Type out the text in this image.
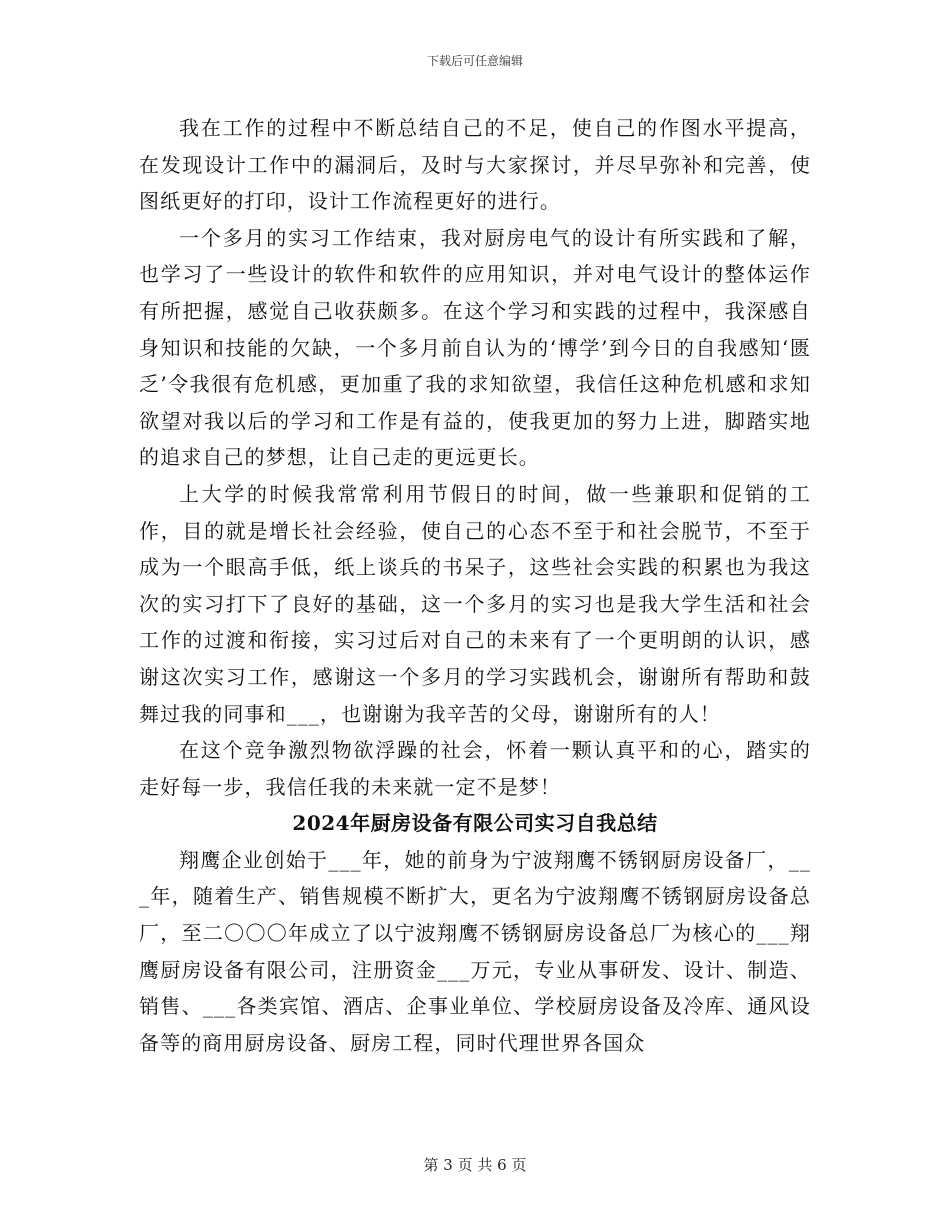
下载后可任意编辑

我在工作的过程中不断总结自己的不足，使自己的作图水平提高，在发现设计工作中的漏洞后，及时与大家探讨，并尽早弥补和完善，使图纸更好的打印，设计工作流程更好的进行。

一个多月的实习工作结束，我对厨房电气的设计有所实践和了解，也学习了一些设计的软件和软件的应用知识，并对电气设计的整体运作有所把握，感觉自己收获颇多。在这个学习和实践的过程中，我深感自身知识和技能的欠缺，一个多月前自认为的‘博学’到今日的自我感知‘匮乏’令我很有危机感，更加重了我的求知欲望，我信任这种危机感和求知欲望对我以后的学习和工作是有益的，使我更加的努力上进，脚踏实地的追求自己的梦想，让自己走的更远更长。

上大学的时候我常常利用节假日的时间，做一些兼职和促销的工作，目的就是增长社会经验，使自己的心态不至于和社会脱节，不至于成为一个眼高手低，纸上谈兵的书呆子，这些社会实践的积累也为我这次的实习打下了良好的基础，这一个多月的实习也是我大学生活和社会工作的过渡和衔接，实习过后对自己的未来有了一个更明朗的认识，感谢这次实习工作，感谢这一个多月的学习实践机会，谢谢所有帮助和鼓舞过我的同事和___，也谢谢为我辛苦的父母，谢谢所有的人！

在这个竞争激烈物欲浮躁的社会，怀着一颗认真平和的心，踏实的走好每一步，我信任我的未来就一定不是梦！

2024年厨房设备有限公司实习自我总结

翔鹰企业创始于___年，她的前身为宁波翔鹰不锈钢厨房设备厂，___年，随着生产、销售规模不断扩大，更名为宁波翔鹰不锈钢厨房设备总厂，至二〇〇〇年成立了以宁波翔鹰不锈钢厨房设备总厂为核心的___翔鹰厨房设备有限公司，注册资金___万元，专业从事研发、设计、制造、销售、___各类宾馆、酒店、企事业单位、学校厨房设备及冷库、通风设备等的商用厨房设备、厨房工程，同时代理世界各国众

第 3 页 共 6 页
